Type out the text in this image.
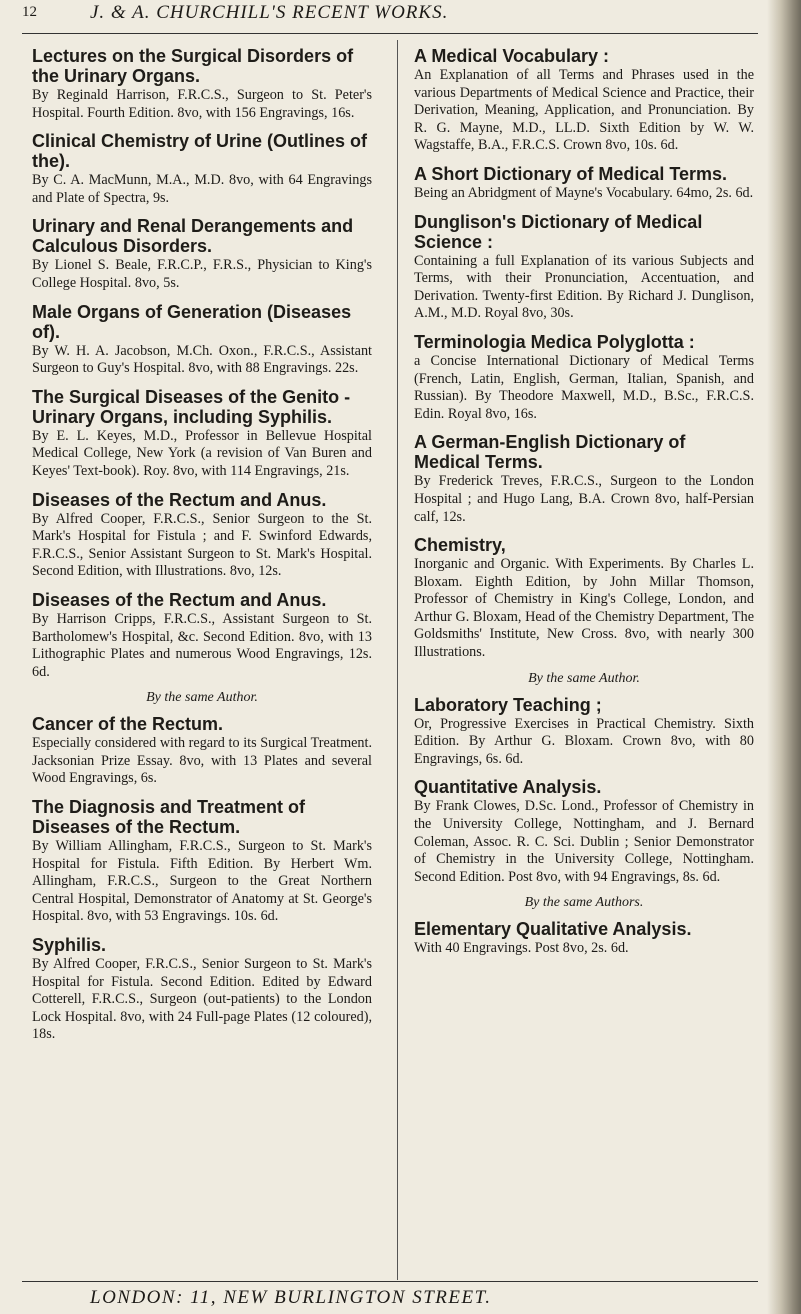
12	J. & A. CHURCHILL'S RECENT WORKS.
Lectures on the Surgical Disorders of the Urinary Organs.
By Reginald Harrison, F.R.C.S., Surgeon to St. Peter's Hospital. Fourth Edition. 8vo, with 156 Engravings, 16s.
Clinical Chemistry of Urine (Outlines of the).
By C. A. MacMunn, M.A., M.D. 8vo, with 64 Engravings and Plate of Spectra, 9s.
Urinary and Renal Derangements and Calculous Disorders.
By Lionel S. Beale, F.R.C.P., F.R.S., Physician to King's College Hospital. 8vo, 5s.
Male Organs of Generation (Diseases of).
By W. H. A. Jacobson, M.Ch. Oxon., F.R.C.S., Assistant Surgeon to Guy's Hospital. 8vo, with 88 Engravings. 22s.
The Surgical Diseases of the Genito - Urinary Organs, including Syphilis.
By E. L. Keyes, M.D., Professor in Bellevue Hospital Medical College, New York (a revision of Van Buren and Keyes' Text-book). Roy. 8vo, with 114 Engravings, 21s.
Diseases of the Rectum and Anus.
By Alfred Cooper, F.R.C.S., Senior Surgeon to the St. Mark's Hospital for Fistula ; and F. Swinford Edwards, F.R.C.S., Senior Assistant Surgeon to St. Mark's Hospital. Second Edition, with Illustrations. 8vo, 12s.
Diseases of the Rectum and Anus.
By Harrison Cripps, F.R.C.S., Assistant Surgeon to St. Bartholomew's Hospital, &c. Second Edition. 8vo, with 13 Lithographic Plates and numerous Wood Engravings, 12s. 6d.
By the same Author.
Cancer of the Rectum.
Especially considered with regard to its Surgical Treatment. Jacksonian Prize Essay. 8vo, with 13 Plates and several Wood Engravings, 6s.
The Diagnosis and Treatment of Diseases of the Rectum.
By William Allingham, F.R.C.S., Surgeon to St. Mark's Hospital for Fistula. Fifth Edition. By Herbert Wm. Allingham, F.R.C.S., Surgeon to the Great Northern Central Hospital, Demonstrator of Anatomy at St. George's Hospital. 8vo, with 53 Engravings. 10s. 6d.
Syphilis.
By Alfred Cooper, F.R.C.S., Senior Surgeon to St. Mark's Hospital for Fistula. Second Edition. Edited by Edward Cotterell, F.R.C.S., Surgeon (out-patients) to the London Lock Hospital. 8vo, with 24 Full-page Plates (12 coloured), 18s.
A Medical Vocabulary :
An Explanation of all Terms and Phrases used in the various Departments of Medical Science and Practice, their Derivation, Meaning, Application, and Pronunciation. By R. G. Mayne, M.D., LL.D. Sixth Edition by W. W. Wagstaffe, B.A., F.R.C.S. Crown 8vo, 10s. 6d.
A Short Dictionary of Medical Terms.
Being an Abridgment of Mayne's Vocabulary. 64mo, 2s. 6d.
Dunglison's Dictionary of Medical Science :
Containing a full Explanation of its various Subjects and Terms, with their Pronunciation, Accentuation, and Derivation. Twenty-first Edition. By Richard J. Dunglison, A.M., M.D. Royal 8vo, 30s.
Terminologia Medica Polyglotta :
a Concise International Dictionary of Medical Terms (French, Latin, English, German, Italian, Spanish, and Russian). By Theodore Maxwell, M.D., B.Sc., F.R.C.S. Edin. Royal 8vo, 16s.
A German-English Dictionary of Medical Terms.
By Frederick Treves, F.R.C.S., Surgeon to the London Hospital ; and Hugo Lang, B.A. Crown 8vo, half-Persian calf, 12s.
Chemistry,
Inorganic and Organic. With Experiments. By Charles L. Bloxam. Eighth Edition, by John Millar Thomson, Professor of Chemistry in King's College, London, and Arthur G. Bloxam, Head of the Chemistry Department, The Goldsmiths' Institute, New Cross. 8vo, with nearly 300 Illustrations.
By the same Author.
Laboratory Teaching ;
Or, Progressive Exercises in Practical Chemistry. Sixth Edition. By Arthur G. Bloxam. Crown 8vo, with 80 Engravings, 6s. 6d.
Quantitative Analysis.
By Frank Clowes, D.Sc. Lond., Professor of Chemistry in the University College, Nottingham, and J. Bernard Coleman, Assoc. R. C. Sci. Dublin ; Senior Demonstrator of Chemistry in the University College, Nottingham. Second Edition. Post 8vo, with 94 Engravings, 8s. 6d.
By the same Authors.
Elementary Qualitative Analysis.
With 40 Engravings. Post 8vo, 2s. 6d.
LONDON: 11, NEW BURLINGTON STREET.
